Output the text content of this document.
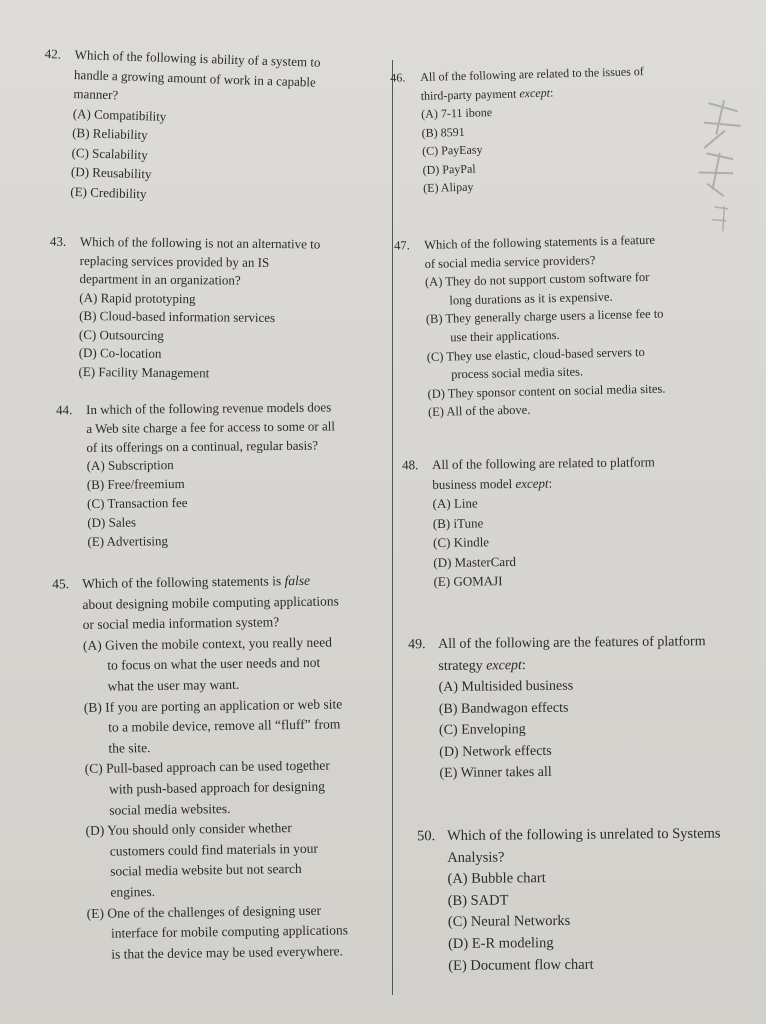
42. Which of the following is ability of a system to
handle a growing amount of work in a capable
manner?
(A) Compatibility
(B) Reliability
(C) Scalability
(D) Reusability
(E) Credibility
43. Which of the following is not an alternative to
replacing services provided by an IS
department in an organization?
(A) Rapid prototyping
(B) Cloud-based information services
(C) Outsourcing
(D) Co-location
(E) Facility Management
44. In which of the following revenue models does
a Web site charge a fee for access to some or all
of its offerings on a continual, regular basis?
(A) Subscription
(B) Free/freemium
(C) Transaction fee
(D) Sales
(E) Advertising
45. Which of the following statements is false
about designing mobile computing applications
or social media information system?
(A) Given the mobile context, you really need
to focus on what the user needs and not
what the user may want.
(B) If you are porting an application or web site
to a mobile device, remove all “fluff” from
the site.
(C) Pull-based approach can be used together
with push-based approach for designing
social media websites.
(D) You should only consider whether
customers could find materials in your
social media website but not search
engines.
(E) One of the challenges of designing user
interface for mobile computing applications
is that the device may be used everywhere.
46. All of the following are related to the issues of
third-party payment except:
(A) 7-11 ibone
(B) 8591
(C) PayEasy
(D) PayPal
(E) Alipay
47. Which of the following statements is a feature
of social media service providers?
(A) They do not support custom software for
long durations as it is expensive.
(B) They generally charge users a license fee to
use their applications.
(C) They use elastic, cloud-based servers to
process social media sites.
(D) They sponsor content on social media sites.
(E) All of the above.
48. All of the following are related to platform
business model except:
(A) Line
(B) iTune
(C) Kindle
(D) MasterCard
(E) GOMAJI
49. All of the following are the features of platform
strategy except:
(A) Multisided business
(B) Bandwagon effects
(C) Enveloping
(D) Network effects
(E) Winner takes all
50. Which of the following is unrelated to Systems
Analysis?
(A) Bubble chart
(B) SADT
(C) Neural Networks
(D) E-R modeling
(E) Document flow chart
